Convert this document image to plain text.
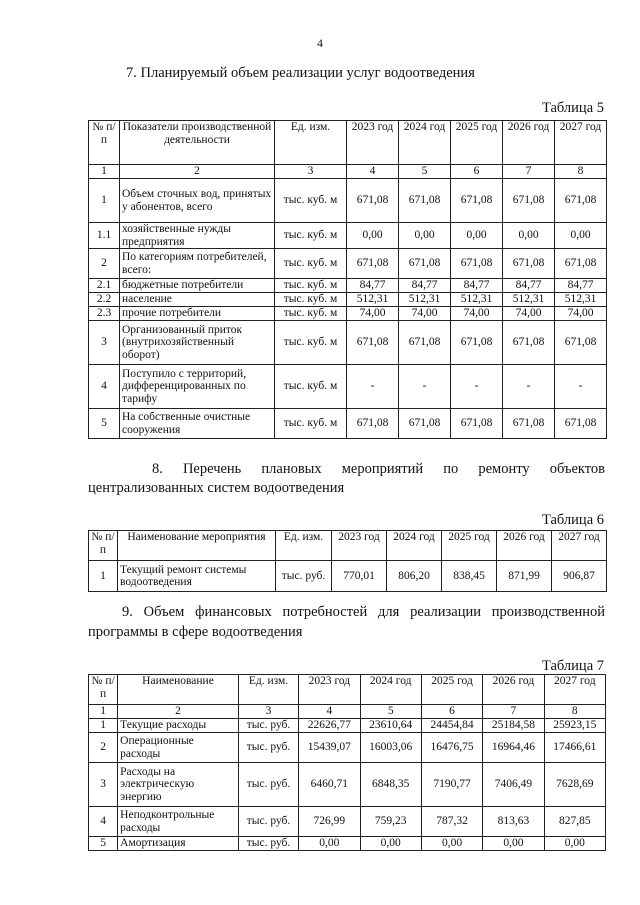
4
7. Планируемый объем реализации услуг водоотведения
Таблица 5
№ п/п	Показатели производственной деятельности	Ед. изм.	2023 год	2024 год	2025 год	2026 год	2027 год
1	2	3	4	5	6	7	8
1	Объем сточных вод, принятых у абонентов, всего	тыс. куб. м	671,08	671,08	671,08	671,08	671,08
1.1	хозяйственные нужды предприятия	тыс. куб. м	0,00	0,00	0,00	0,00	0,00
2	По категориям потребителей, всего:	тыс. куб. м	671,08	671,08	671,08	671,08	671,08
2.1	бюджетные потребители	тыс. куб. м	84,77	84,77	84,77	84,77	84,77
2.2	население	тыс. куб. м	512,31	512,31	512,31	512,31	512,31
2.3	прочие потребители	тыс. куб. м	74,00	74,00	74,00	74,00	74,00
3	Организованный приток (внутрихозяйственный оборот)	тыс. куб. м	671,08	671,08	671,08	671,08	671,08
4	Поступило с территорий, дифференцированных по тарифу	тыс. куб. м	-	-	-	-	-
5	На собственные очистные сооружения	тыс. куб. м	671,08	671,08	671,08	671,08	671,08
8. Перечень плановых мероприятий по ремонту объектов
централизованных систем водоотведения
Таблица 6
№ п/п	Наименование мероприятия	Ед. изм.	2023 год	2024 год	2025 год	2026 год	2027 год
1	Текущий ремонт системы водоотведения	тыс. руб.	770,01	806,20	838,45	871,99	906,87
9. Объем финансовых потребностей для реализации производственной
программы в сфере водоотведения
Таблица 7
№ п/п	Наименование	Ед. изм.	2023 год	2024 год	2025 год	2026 год	2027 год
1	2	3	4	5	6	7	8
1	Текущие расходы	тыс. руб.	22626,77	23610,64	24454,84	25184,58	25923,15
2	Операционные расходы	тыс. руб.	15439,07	16003,06	16476,75	16964,46	17466,61
3	Расходы на электрическую энергию	тыс. руб.	6460,71	6848,35	7190,77	7406,49	7628,69
4	Неподконтрольные расходы	тыс. руб.	726,99	759,23	787,32	813,63	827,85
5	Амортизация	тыс. руб.	0,00	0,00	0,00	0,00	0,00
